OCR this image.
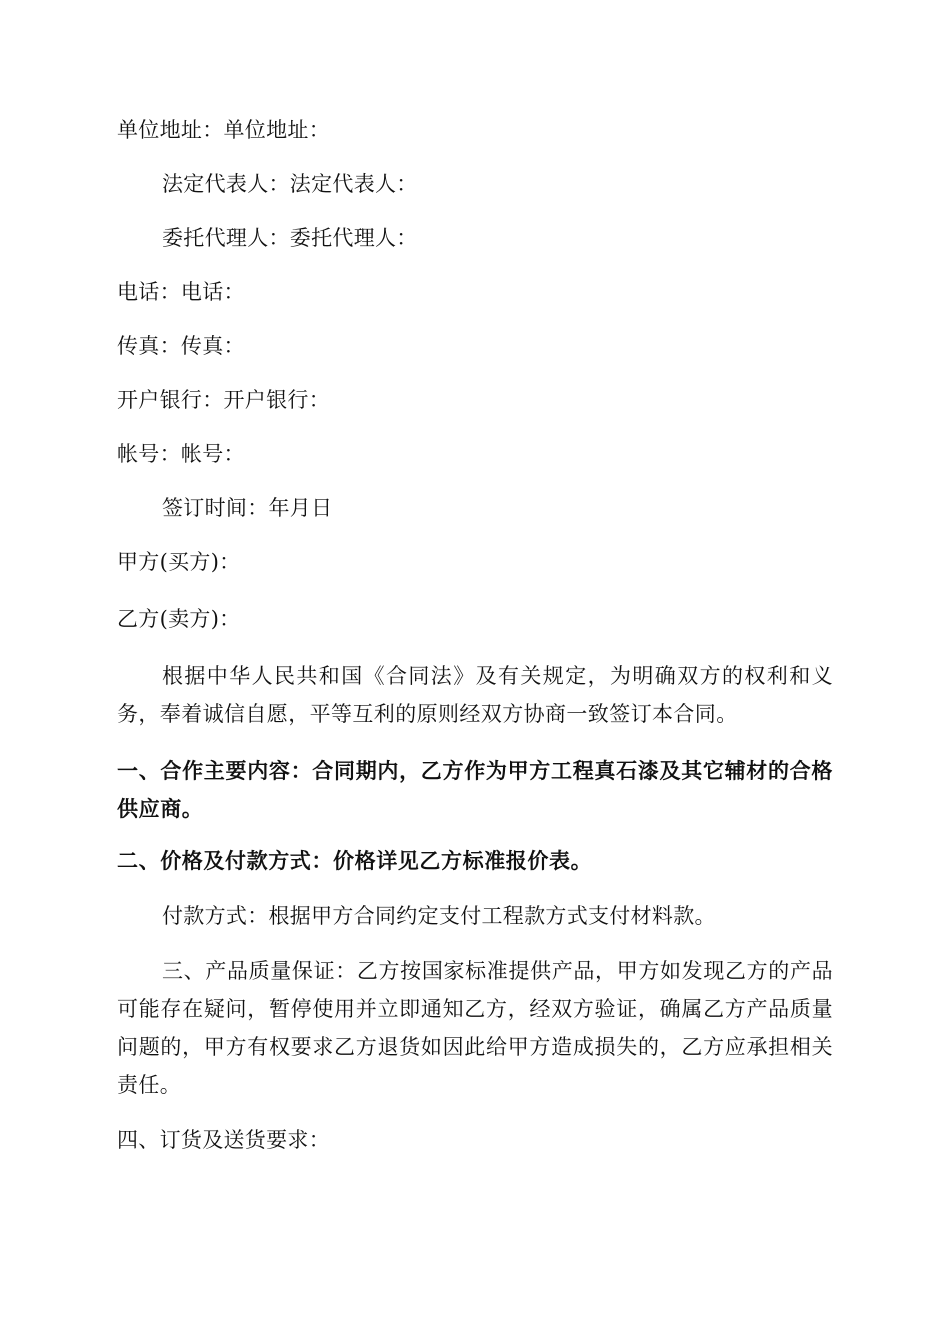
单位地址：单位地址：
法定代表人：法定代表人：
委托代理人：委托代理人：
电话：电话：
传真：传真：
开户银行：开户银行：
帐号：帐号：
签订时间：年月日
甲方(买方)：
乙方(卖方)：
根据中华人民共和国《合同法》及有关规定，为明确双方的权利和义务，奉着诚信自愿，平等互利的原则经双方协商一致签订本合同。
一、合作主要内容：合同期内，乙方作为甲方工程真石漆及其它辅材的合格供应商。
二、价格及付款方式：价格详见乙方标准报价表。
付款方式：根据甲方合同约定支付工程款方式支付材料款。
三、产品质量保证：乙方按国家标准提供产品，甲方如发现乙方的产品可能存在疑问，暂停使用并立即通知乙方，经双方验证，确属乙方产品质量问题的，甲方有权要求乙方退货如因此给甲方造成损失的，乙方应承担相关责任。
四、订货及送货要求：
